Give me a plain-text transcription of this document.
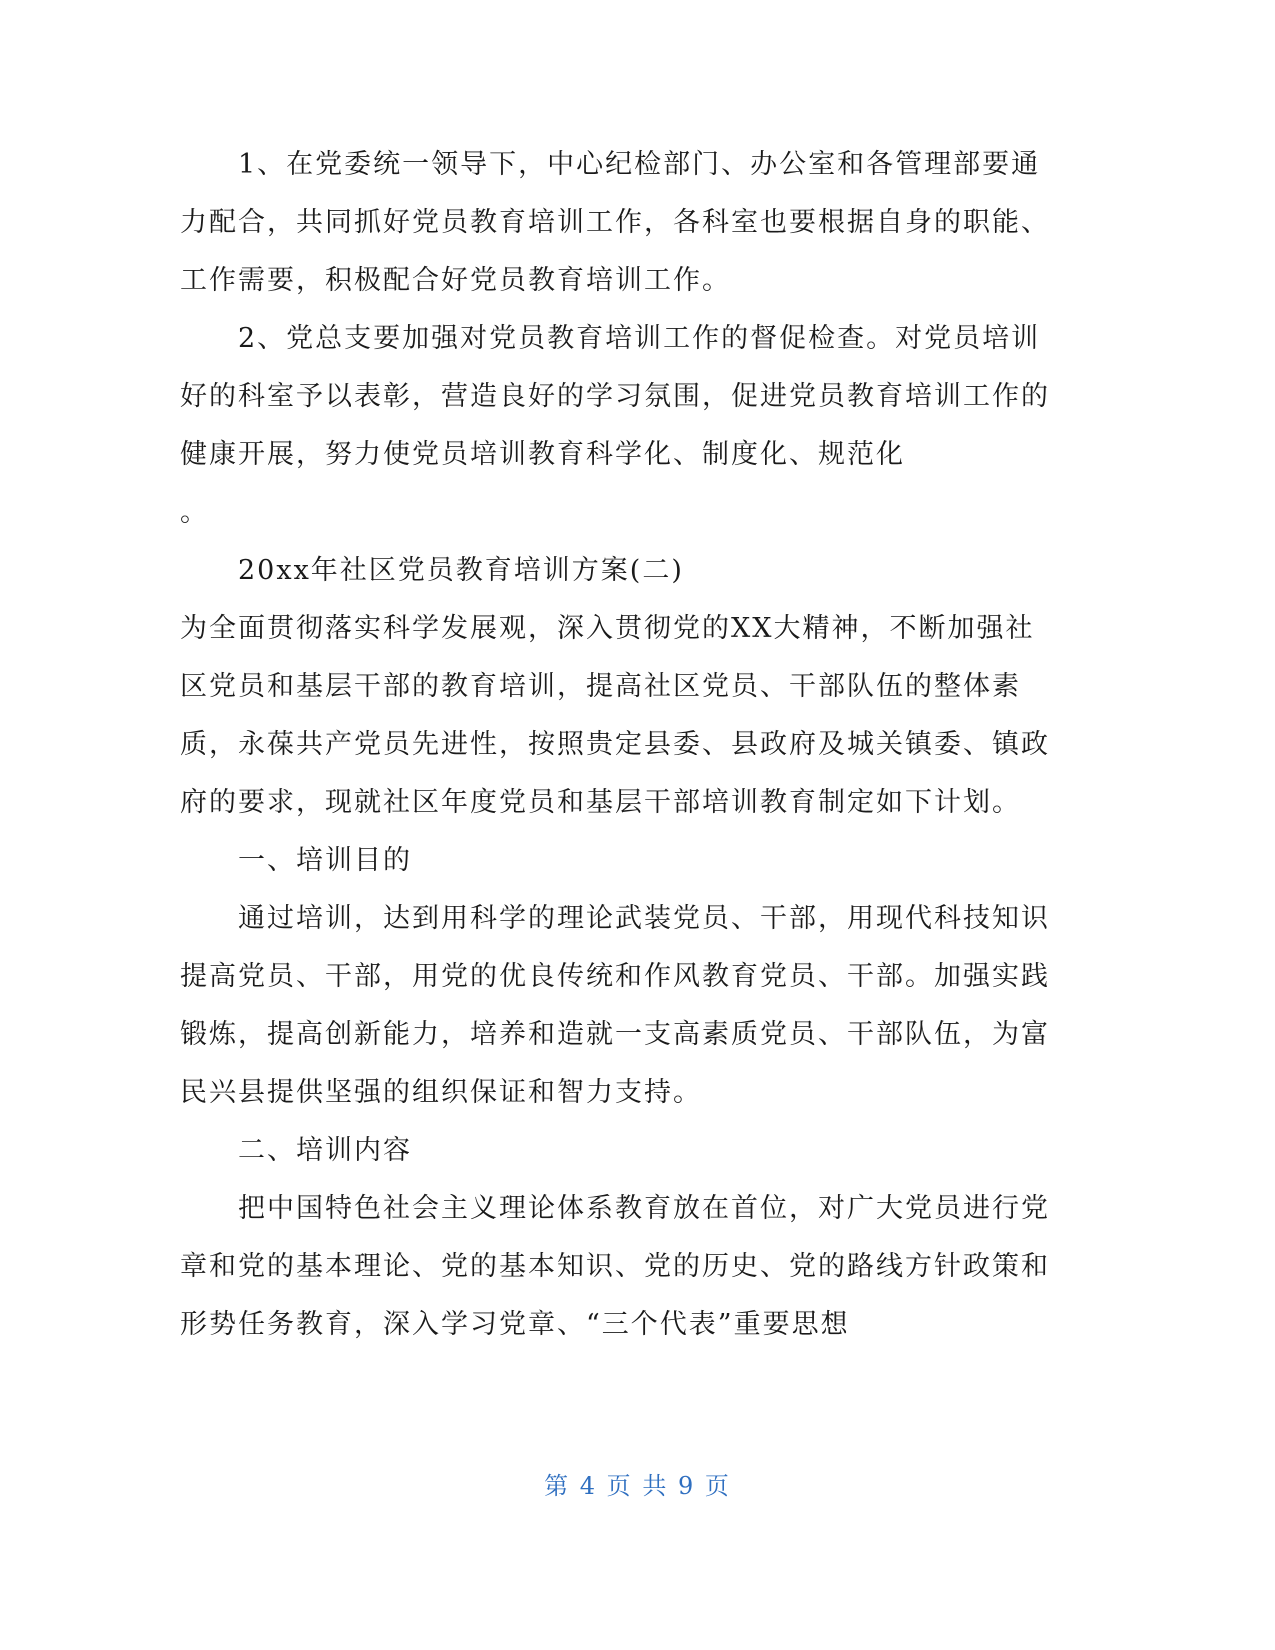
1、在党委统一领导下，中心纪检部门、办公室和各管理部要通力配合，共同抓好党员教育培训工作，各科室也要根据自身的职能、工作需要，积极配合好党员教育培训工作。

2、党总支要加强对党员教育培训工作的督促检查。对党员培训好的科室予以表彰，营造良好的学习氛围，促进党员教育培训工作的健康开展，努力使党员培训教育科学化、制度化、规范化

。

20xx年社区党员教育培训方案(二)

为全面贯彻落实科学发展观，深入贯彻党的XX大精神，不断加强社区党员和基层干部的教育培训，提高社区党员、干部队伍的整体素质，永葆共产党员先进性，按照贵定县委、县政府及城关镇委、镇政府的要求，现就社区年度党员和基层干部培训教育制定如下计划。

一、培训目的

通过培训，达到用科学的理论武装党员、干部，用现代科技知识提高党员、干部，用党的优良传统和作风教育党员、干部。加强实践锻炼，提高创新能力，培养和造就一支高素质党员、干部队伍，为富民兴县提供坚强的组织保证和智力支持。

二、培训内容

把中国特色社会主义理论体系教育放在首位，对广大党员进行党章和党的基本理论、党的基本知识、党的历史、党的路线方针政策和形势任务教育，深入学习党章、“三个代表”重要思想

第 4 页 共 9 页
